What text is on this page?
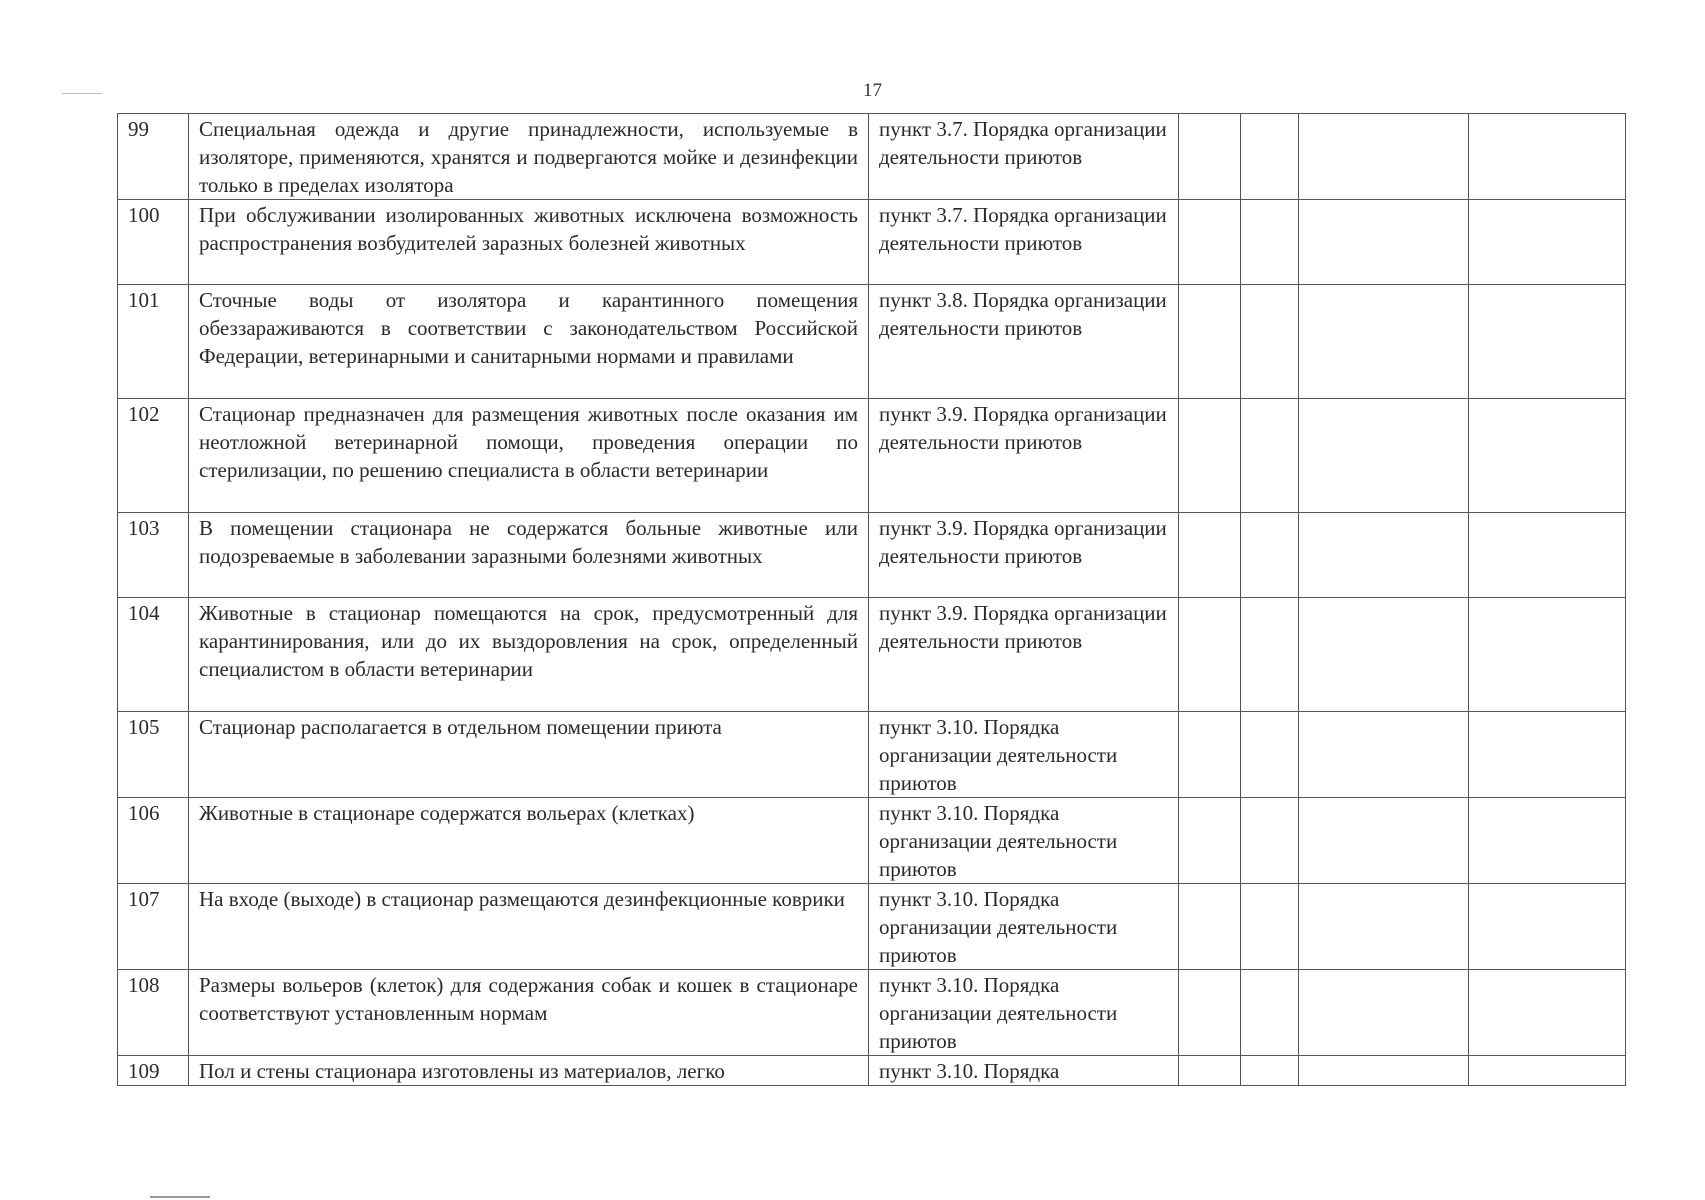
17
99	Специальная одежда и другие принадлежности, используемые в изоляторе, применяются, хранятся и подвергаются мойке и дезинфекции только в пределах изолятора	пункт 3.7. Порядка организации деятельности приютов				
100	При обслуживании изолированных животных исключена возможность распространения возбудителей заразных болезней животных	пункт 3.7. Порядка организации деятельности приютов				
101	Сточные воды от изолятора и карантинного помещения обеззараживаются в соответствии с законодательством Российской Федерации, ветеринарными и санитарными нормами и правилами	пункт 3.8. Порядка организации деятельности приютов				
102	Стационар предназначен для размещения животных после оказания им неотложной ветеринарной помощи, проведения операции по стерилизации, по решению специалиста в области ветеринарии	пункт 3.9. Порядка организации деятельности приютов				
103	В помещении стационара не содержатся больные животные или подозреваемые в заболевании заразными болезнями животных	пункт 3.9. Порядка организации деятельности приютов				
104	Животные в стационар помещаются на срок, предусмотренный для карантинирования, или до их выздоровления на срок, определенный специалистом в области ветеринарии	пункт 3.9. Порядка организации деятельности приютов				
105	Стационар располагается в отдельном помещении приюта	пункт 3.10. Порядка организации деятельности приютов				
106	Животные в стационаре содержатся вольерах (клетках)	пункт 3.10. Порядка организации деятельности приютов				
107	На входе (выходе) в стационар размещаются дезинфекционные коврики	пункт 3.10. Порядка организации деятельности приютов				
108	Размеры вольеров (клеток) для содержания собак и кошек в стационаре соответствуют установленным нормам	пункт 3.10. Порядка организации деятельности приютов				
109	Пол и стены стационара изготовлены из материалов, легко	пункт 3.10. Порядка				
